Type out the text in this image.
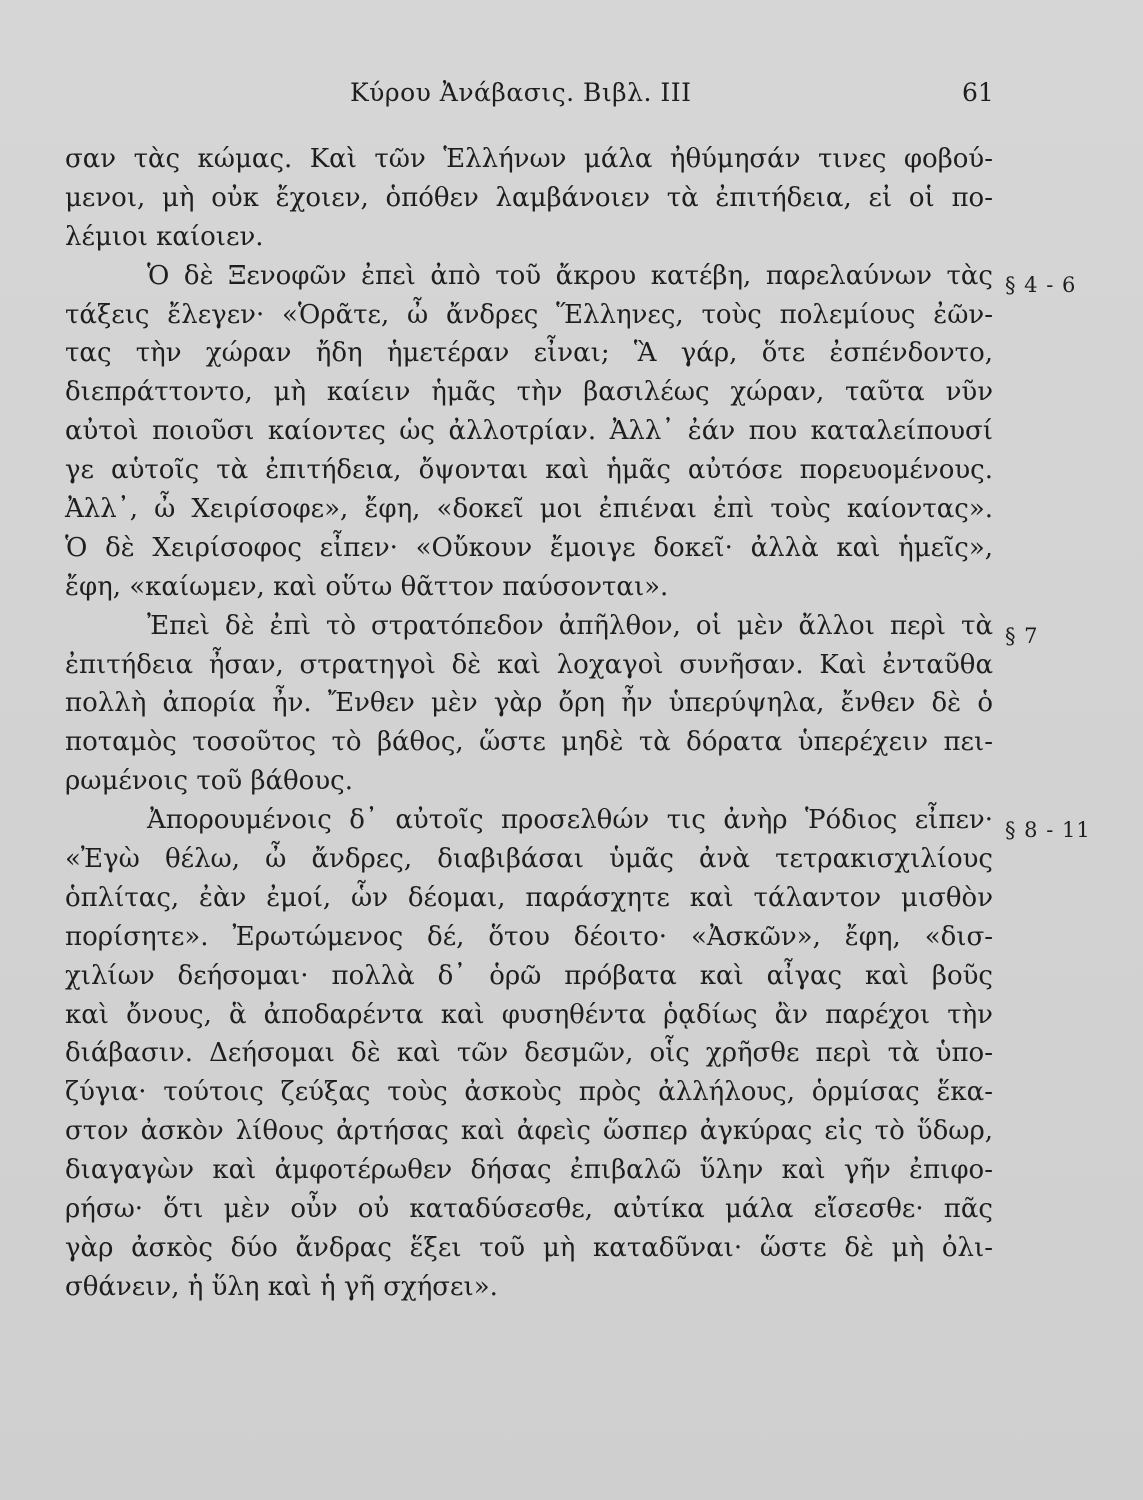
Κύρου Ἀνάβασις. Βιβλ. III	61
σαν τὰς κώμας. Καὶ τῶν Ἑλλήνων μάλα ἠθύμησάν τινες φοβού-
μενοι, μὴ οὐκ ἔχοιεν, ὁπόθεν λαμβάνοιεν τὰ ἐπιτήδεια, εἰ οἱ πο-
λέμιοι καίοιεν.
Ὁ δὲ Ξενοφῶν ἐπεὶ ἀπὸ τοῦ ἄκρου κατέβη, παρελαύνων τὰς
τάξεις ἔλεγεν· «Ὁρᾶτε, ὦ ἄνδρες Ἕλληνες, τοὺς πολεμίους ἐῶν-
τας τὴν χώραν ἤδη ἡμετέραν εἶναι; Ἃ γάρ, ὅτε ἐσπένδοντο,
διεπράττοντο, μὴ καίειν ἡμᾶς τὴν βασιλέως χώραν, ταῦτα νῦν
αὐτοὶ ποιοῦσι καίοντες ὡς ἀλλοτρίαν. Ἀλλ᾽ ἐάν που καταλείπουσί
γε αὑτοῖς τὰ ἐπιτήδεια, ὄψονται καὶ ἡμᾶς αὐτόσε πορευομένους.
Ἀλλ᾽, ὦ Χειρίσοφε», ἔφη, «δοκεῖ μοι ἐπιέναι ἐπὶ τοὺς καίοντας».
Ὁ δὲ Χειρίσοφος εἶπεν· «Οὔκουν ἔμοιγε δοκεῖ· ἀλλὰ καὶ ἡμεῖς»,
ἔφη, «καίωμεν, καὶ οὕτω θᾶττον παύσονται».
Ἐπεὶ δὲ ἐπὶ τὸ στρατόπεδον ἀπῆλθον, οἱ μὲν ἄλλοι περὶ τὰ
ἐπιτήδεια ἦσαν, στρατηγοὶ δὲ καὶ λοχαγοὶ συνῆσαν. Καὶ ἐνταῦθα
πολλὴ ἀπορία ἦν. Ἔνθεν μὲν γὰρ ὄρη ἦν ὑπερύψηλα, ἔνθεν δὲ ὁ
ποταμὸς τοσοῦτος τὸ βάθος, ὥστε μηδὲ τὰ δόρατα ὑπερέχειν πει-
ρωμένοις τοῦ βάθους.
Ἀπορουμένοις δ᾽ αὐτοῖς προσελθών τις ἀνὴρ Ῥόδιος εἶπεν·
«Ἐγὼ θέλω, ὦ ἄνδρες, διαβιβάσαι ὑμᾶς ἀνὰ τετρακισχιλίους
ὁπλίτας, ἐὰν ἐμοί, ὧν δέομαι, παράσχητε καὶ τάλαντον μισθὸν
πορίσητε». Ἐρωτώμενος δέ, ὅτου δέοιτο· «Ἀσκῶν», ἔφη, «δισ-
χιλίων δεήσομαι· πολλὰ δ᾽ ὁρῶ πρόβατα καὶ αἶγας καὶ βοῦς
καὶ ὄνους, ἃ ἀποδαρέντα καὶ φυσηθέντα ῥᾳδίως ἂν παρέχοι τὴν
διάβασιν. Δεήσομαι δὲ καὶ τῶν δεσμῶν, οἷς χρῆσθε περὶ τὰ ὑπο-
ζύγια· τούτοις ζεύξας τοὺς ἀσκοὺς πρὸς ἀλλήλους, ὁρμίσας ἕκα-
στον ἀσκὸν λίθους ἀρτήσας καὶ ἀφεὶς ὥσπερ ἀγκύρας εἰς τὸ ὕδωρ,
διαγαγὼν καὶ ἀμφοτέρωθεν δήσας ἐπιβαλῶ ὕλην καὶ γῆν ἐπιφο-
ρήσω· ὅτι μὲν οὖν οὐ καταδύσεσθε, αὐτίκα μάλα εἴσεσθε· πᾶς
γὰρ ἀσκὸς δύο ἄνδρας ἕξει τοῦ μὴ καταδῦναι· ὥστε δὲ μὴ ὀλι-
σθάνειν, ἡ ὕλη καὶ ἡ γῆ σχήσει».
§ 4 - 6
§ 7
§ 8 - 11
